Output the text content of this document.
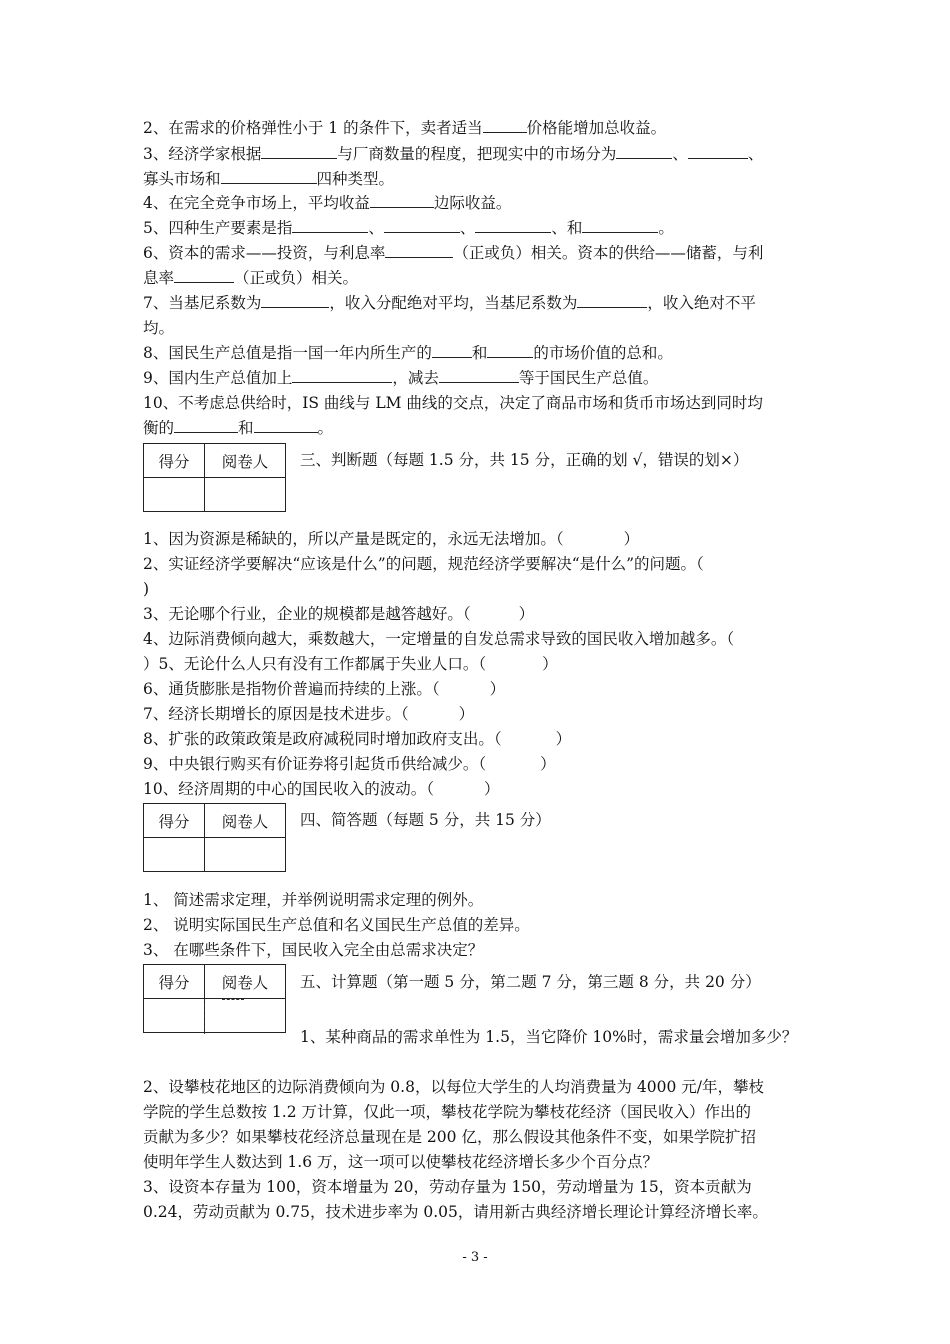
2、在需求的价格弹性小于 1 的条件下，卖者适当	价格能增加总收益。
3、经济学家根据	与厂商数量的程度，把现实中的市场分为	、	、
寡头市场和	四种类型。
4、在完全竞争市场上，平均收益	边际收益。
5、四种生产要素是指	、	、	、和	。
6、资本的需求——投资，与利息率	（正或负）相关。资本的供给——储蓄，与利
息率	（正或负）相关。
7、当基尼系数为	，收入分配绝对平均，当基尼系数为	，收入绝对不平
均。
8、国民生产总值是指一国一年内所生产的	和	的市场价值的总和。
9、国内生产总值加上	，减去	等于国民生产总值。
10、不考虑总供给时，IS 曲线与 LM 曲线的交点，决定了商品市场和货币市场达到同时均
衡的	和	。
得分	阅卷人
	三、判断题（每题 1.5 分，共 15 分，正确的划 √，错误的划×）
1、因为资源是稀缺的，所以产量是既定的，永远无法增加。（	）
2、实证经济学要解决“应该是什么”的问题，规范经济学要解决“是什么”的问题。（
)
3、无论哪个行业，企业的规模都是越答越好。（	）
4、边际消费倾向越大，乘数越大，一定增量的自发总需求导致的国民收入增加越多。（
）5、无论什么人只有没有工作都属于失业人口。（	）
6、通货膨胀是指物价普遍而持续的上涨。（	）
7、经济长期增长的原因是技术进步。（	）
8、扩张的政策政策是政府减税同时增加政府支出。（	）
9、中央银行购买有价证券将引起货币供给减少。（	）
10、经济周期的中心的国民收入的波动。（	）
得分	阅卷人
	四、简答题（每题 5 分，共 15 分）
1、 简述需求定理，并举例说明需求定理的例外。
2、 说明实际国民生产总值和名义国民生产总值的差异。
3、 在哪些条件下，国民收入完全由总需求决定？
得分	阅卷人
	五、计算题（第一题 5 分，第二题 7 分，第三题 8 分，共 20 分）
1、某种商品的需求单性为 1.5，当它降价 10%时，需求量会增加多少？
2、设攀枝花地区的边际消费倾向为 0.8，以每位大学生的人均消费量为 4000 元/年，攀枝
学院的学生总数按 1.2 万计算，仅此一项，攀枝花学院为攀枝花经济（国民收入）作出的
贡献为多少？如果攀枝花经济总量现在是 200 亿，那么假设其他条件不变，如果学院扩招
使明年学生人数达到 1.6 万，这一项可以使攀枝花经济增长多少个百分点？
3、设资本存量为 100，资本增量为 20，劳动存量为 150，劳动增量为 15，资本贡献为
0.24，劳动贡献为 0.75，技术进步率为 0.05，请用新古典经济增长理论计算经济增长率。
- 3 -
